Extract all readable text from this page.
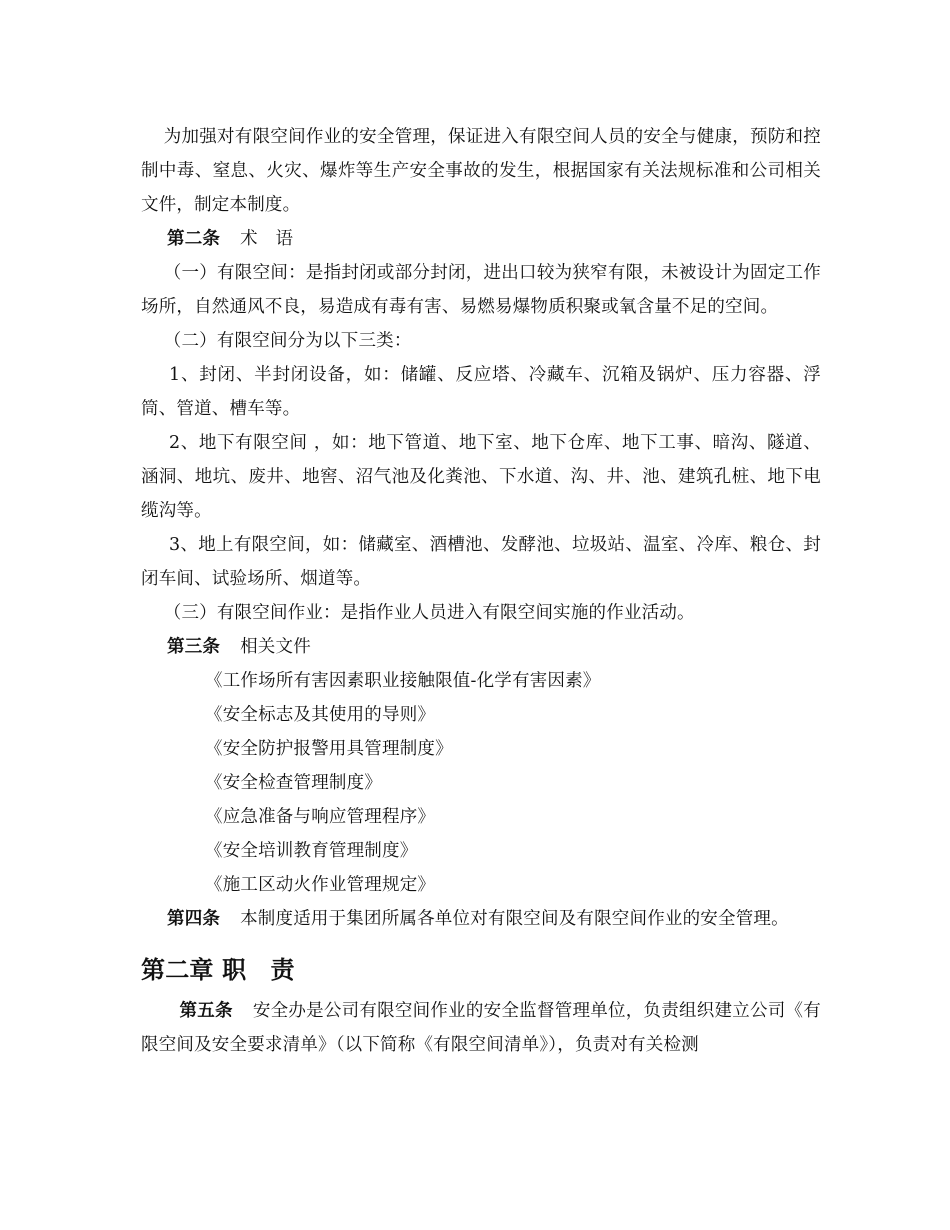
为加强对有限空间作业的安全管理，保证进入有限空间人员的安全与健康，预防和控制中毒、窒息、火灾、爆炸等生产安全事故的发生，根据国家有关法规标准和公司相关文件，制定本制度。

第二条 术　语

（一）有限空间：是指封闭或部分封闭，进出口较为狭窄有限，未被设计为固定工作场所，自然通风不良，易造成有毒有害、易燃易爆物质积聚或氧含量不足的空间。

（二）有限空间分为以下三类：

1、封闭、半封闭设备，如：储罐、反应塔、冷藏车、沉箱及锅炉、压力容器、浮筒、管道、槽车等。

2、地下有限空间 ，如：地下管道、地下室、地下仓库、地下工事、暗沟、隧道、涵洞、地坑、废井、地窖、沼气池及化粪池、下水道、沟、井、池、建筑孔桩、地下电缆沟等。

3、地上有限空间，如：储藏室、酒槽池、发酵池、垃圾站、温室、冷库、粮仓、封闭车间、试验场所、烟道等。

（三）有限空间作业：是指作业人员进入有限空间实施的作业活动。

第三条 相关文件

《工作场所有害因素职业接触限值-化学有害因素》

《安全标志及其使用的导则》

《安全防护报警用具管理制度》

《安全检查管理制度》

《应急准备与响应管理程序》

《安全培训教育管理制度》

《施工区动火作业管理规定》

第四条 本制度适用于集团所属各单位对有限空间及有限空间作业的安全管理。

第二章 职　责

第五条 安全办是公司有限空间作业的安全监督管理单位，负责组织建立公司《有限空间及安全要求清单》（以下简称《有限空间清单》），负责对有关检测
